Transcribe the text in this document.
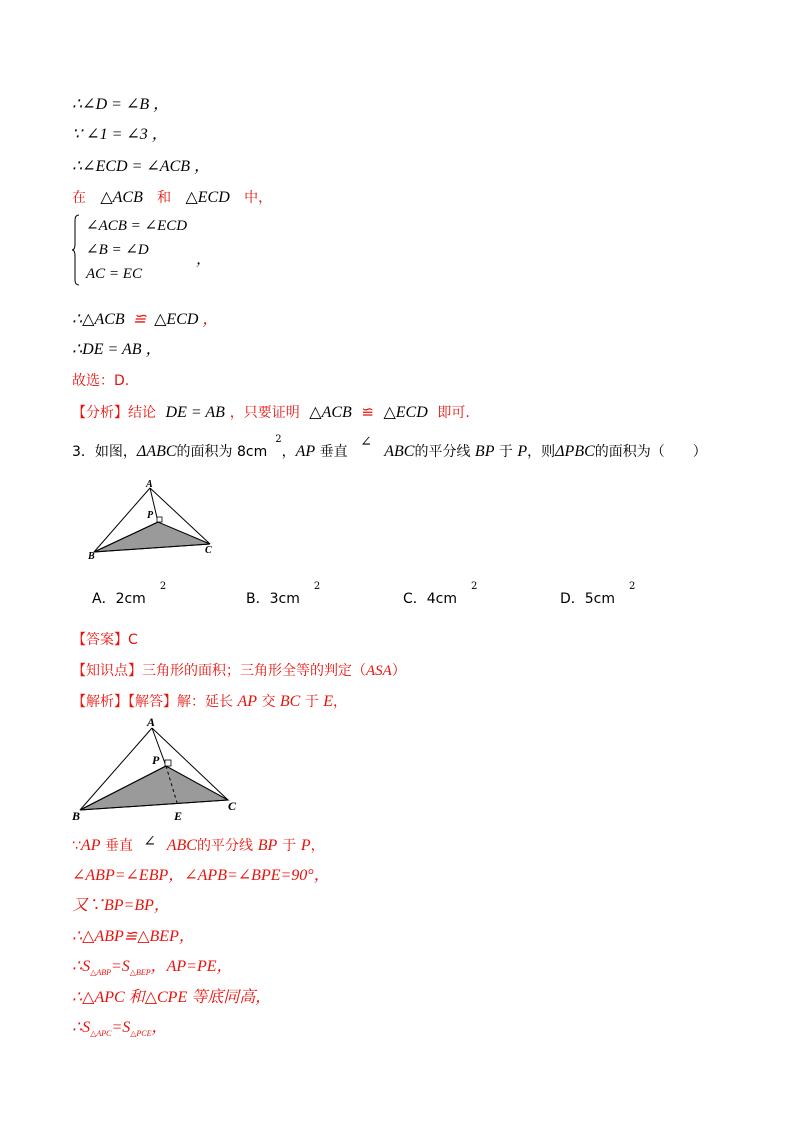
∴∠D = ∠B ，
∵ ∠1 = ∠3 ，
∴∠ECD = ∠ACB ，
在 △ACB 和 △ECD 中，
∠ACB = ∠ECD
∠B = ∠D
AC = EC
，
∴△ACB ≌ △ECD ，
∴DE = AB ，
故选：D.
【分析】结论 DE = AB ，只要证明 △ACB ≌ △ECD 即可.
3．如图，ΔABC的面积为 $8cm^2$，AP 垂直 ∠ ABC的平分线 BP 于 P，则ΔPBC的面积为（　　）
A
P
B
C
A．$2cm^2$
B．$3cm^2$
C．$4cm^2$
D．$5cm^2$
【答案】C
【知识点】三角形的面积；三角形全等的判定（ASA）
【解析】【解答】解：延长 AP 交 BC 于 E，
A
P
B
C
E
∵AP 垂直 ∠ ABC的平分线 BP 于 P，
∠ABP=∠EBP，∠APB=∠BPE=90°，
又∵BP=BP，
∴△ABP≌△BEP，
$\therefore S_{\triangle ABP}=S_{\triangle BEP}$，AP=PE，
∴△APC 和△CPE 等底同高，
$\therefore S_{\triangle APC}=S_{\triangle PCE}$，
